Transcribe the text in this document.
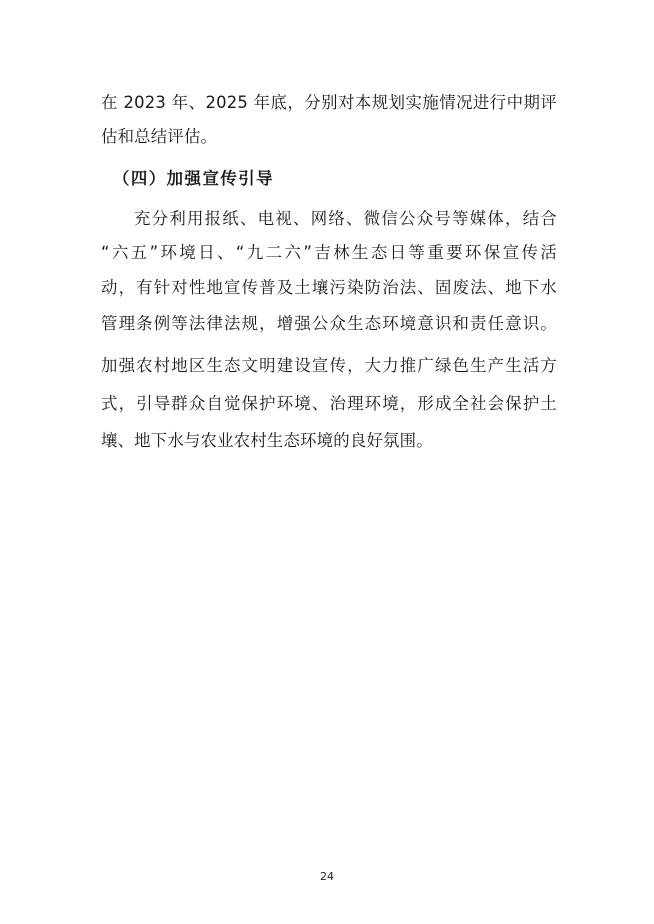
在 2023 年、2025 年底，分别对本规划实施情况进行中期评
估和总结评估。
（四）加强宣传引导
充分利用报纸、电视、网络、微信公众号等媒体，结合
“六五”环境日、“九二六”吉林生态日等重要环保宣传活
动，有针对性地宣传普及土壤污染防治法、固废法、地下水
管理条例等法律法规，增强公众生态环境意识和责任意识。
加强农村地区生态文明建设宣传，大力推广绿色生产生活方
式，引导群众自觉保护环境、治理环境，形成全社会保护土
壤、地下水与农业农村生态环境的良好氛围。
24
